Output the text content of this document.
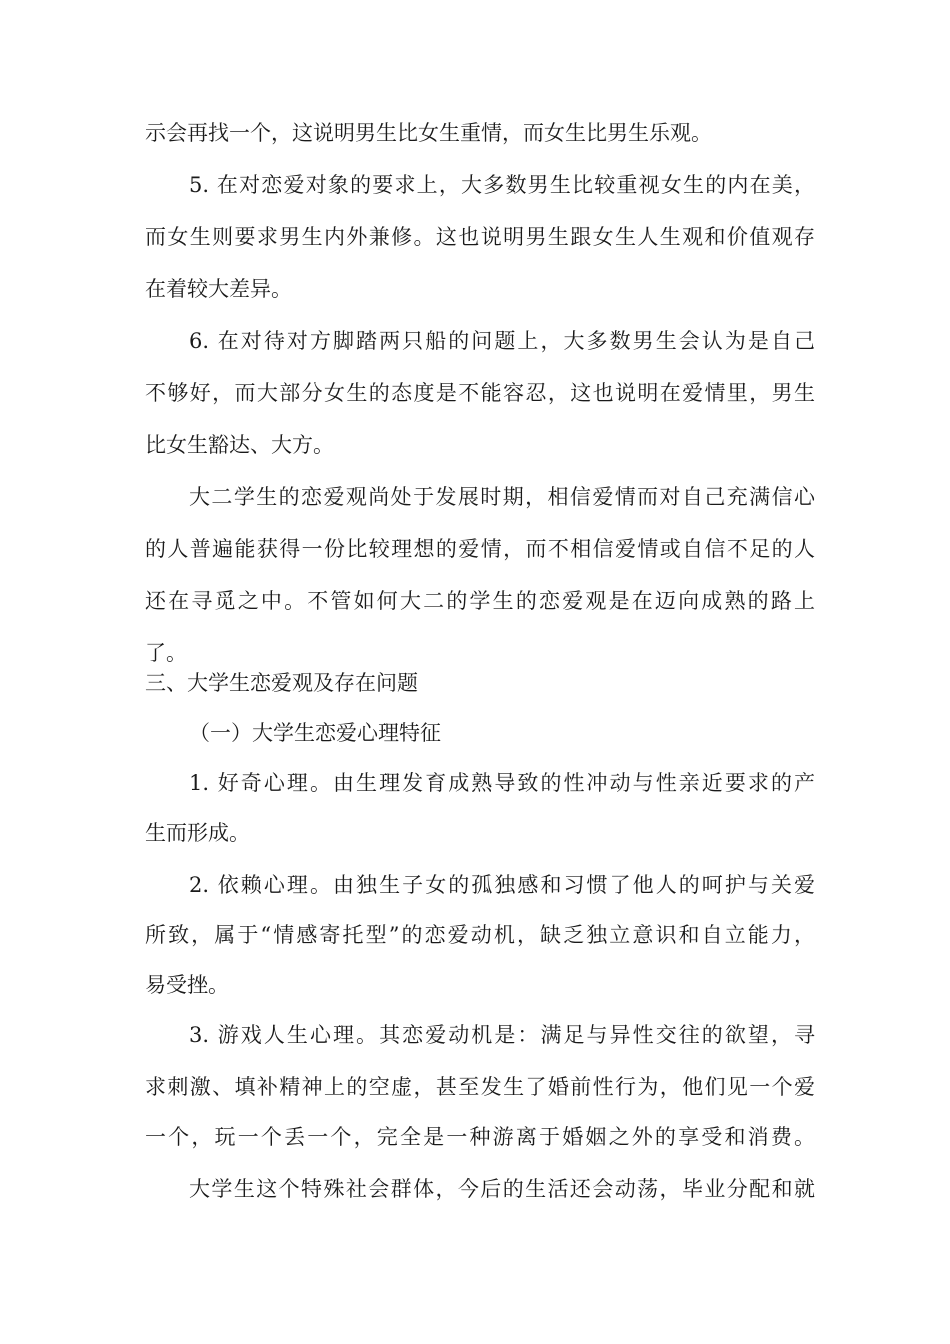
示会再找一个，这说明男生比女生重情，而女生比男生乐观。
5. 在对恋爱对象的要求上，大多数男生比较重视女生的内在美，
而女生则要求男生内外兼修。这也说明男生跟女生人生观和价值观存
在着较大差异。
6. 在对待对方脚踏两只船的问题上，大多数男生会认为是自己
不够好，而大部分女生的态度是不能容忍，这也说明在爱情里，男生
比女生豁达、大方。
大二学生的恋爱观尚处于发展时期，相信爱情而对自己充满信心
的人普遍能获得一份比较理想的爱情，而不相信爱情或自信不足的人
还在寻觅之中。不管如何大二的学生的恋爱观是在迈向成熟的路上
了。
三、大学生恋爱观及存在问题
（一）大学生恋爱心理特征
1. 好奇心理。由生理发育成熟导致的性冲动与性亲近要求的产
生而形成。
2. 依赖心理。由独生子女的孤独感和习惯了他人的呵护与关爱
所致，属于“情感寄托型”的恋爱动机，缺乏独立意识和自立能力，
易受挫。
3. 游戏人生心理。其恋爱动机是：满足与异性交往的欲望，寻
求刺激、填补精神上的空虚，甚至发生了婚前性行为，他们见一个爱
一个，玩一个丢一个，完全是一种游离于婚姻之外的享受和消费。
大学生这个特殊社会群体，今后的生活还会动荡，毕业分配和就
